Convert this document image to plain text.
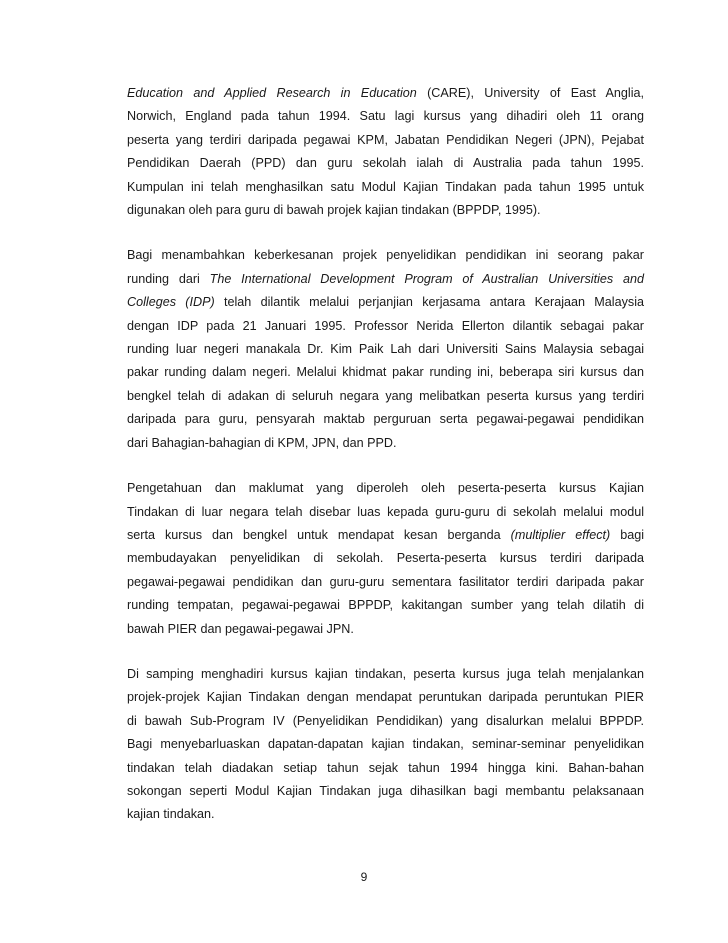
Education and Applied Research in Education (CARE), University of East Anglia,
Norwich, England pada tahun 1994. Satu lagi kursus yang dihadiri oleh 11 orang
peserta yang terdiri daripada pegawai KPM, Jabatan Pendidikan Negeri (JPN), Pejabat
Pendidikan Daerah (PPD) dan guru sekolah ialah di Australia pada tahun 1995.
Kumpulan ini telah menghasilkan satu Modul Kajian Tindakan pada tahun 1995 untuk
digunakan oleh para guru di bawah projek kajian tindakan (BPPDP, 1995).

Bagi menambahkan keberkesanan projek penyelidikan pendidikan ini seorang pakar
runding dari The International Development Program of Australian Universities and
Colleges (IDP) telah dilantik melalui perjanjian kerjasama antara Kerajaan Malaysia
dengan IDP pada 21 Januari 1995. Professor Nerida Ellerton dilantik sebagai pakar
runding luar negeri manakala Dr. Kim Paik Lah dari Universiti Sains Malaysia sebagai
pakar runding dalam negeri. Melalui khidmat pakar runding ini, beberapa siri kursus dan
bengkel telah di adakan di seluruh negara yang melibatkan peserta kursus yang terdiri
daripada para guru, pensyarah maktab perguruan serta pegawai-pegawai pendidikan
dari Bahagian-bahagian di KPM, JPN, dan PPD.

Pengetahuan dan maklumat yang diperoleh oleh peserta-peserta kursus Kajian
Tindakan di luar negara telah disebar luas kepada guru-guru di sekolah melalui modul
serta kursus dan bengkel untuk mendapat kesan berganda (multiplier effect) bagi
membudayakan penyelidikan di sekolah. Peserta-peserta kursus terdiri daripada
pegawai-pegawai pendidikan dan guru-guru sementara fasilitator terdiri daripada pakar
runding tempatan, pegawai-pegawai BPPDP, kakitangan sumber yang telah dilatih di
bawah PIER dan pegawai-pegawai JPN.

Di samping menghadiri kursus kajian tindakan, peserta kursus juga telah menjalankan
projek-projek Kajian Tindakan dengan mendapat peruntukan daripada peruntukan PIER
di bawah Sub-Program IV (Penyelidikan Pendidikan) yang disalurkan melalui BPPDP.
Bagi menyebarluaskan dapatan-dapatan kajian tindakan, seminar-seminar penyelidikan
tindakan telah diadakan setiap tahun sejak tahun 1994 hingga kini. Bahan-bahan
sokongan seperti Modul Kajian Tindakan juga dihasilkan bagi membantu pelaksanaan
kajian tindakan.

9
